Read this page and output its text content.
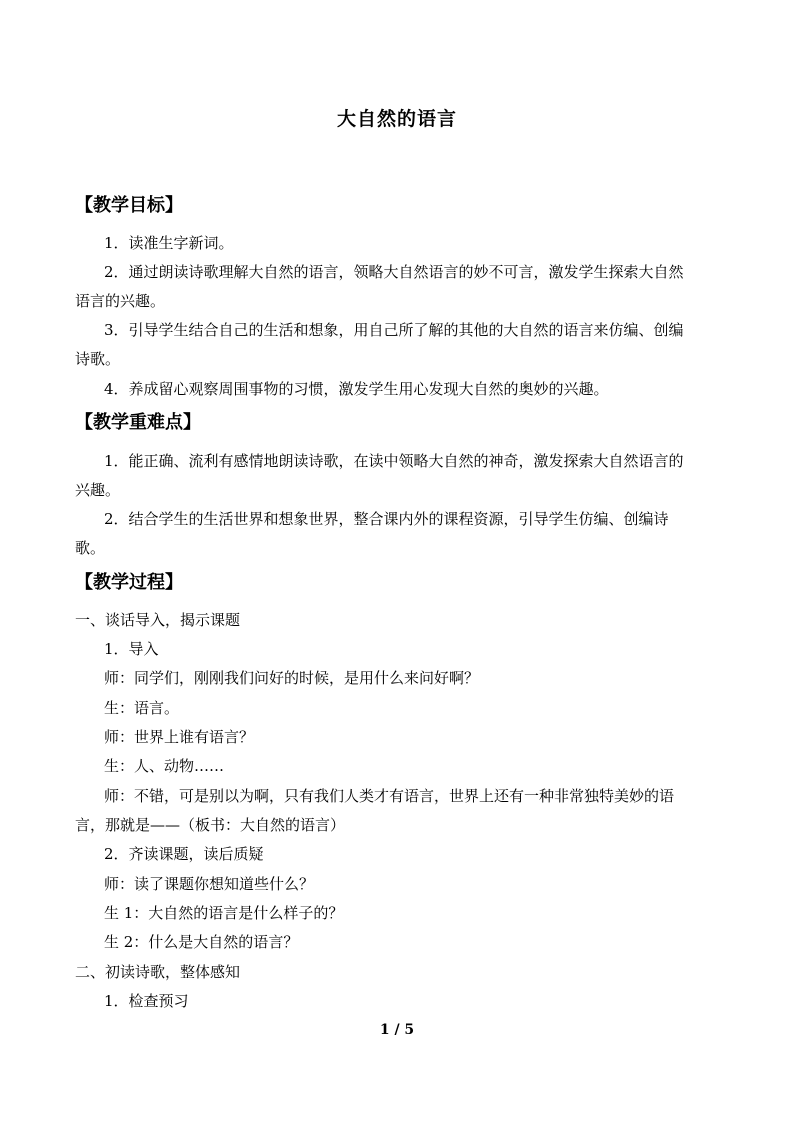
大自然的语言
【教学目标】
1．读准生字新词。
2．通过朗读诗歌理解大自然的语言，领略大自然语言的妙不可言，激发学生探索大自然
语言的兴趣。
3．引导学生结合自己的生活和想象，用自己所了解的其他的大自然的语言来仿编、创编
诗歌。
4．养成留心观察周围事物的习惯，激发学生用心发现大自然的奥妙的兴趣。
【教学重难点】
1．能正确、流利有感情地朗读诗歌，在读中领略大自然的神奇，激发探索大自然语言的
兴趣。
2．结合学生的生活世界和想象世界，整合课内外的课程资源，引导学生仿编、创编诗
歌。
【教学过程】
一、谈话导入，揭示课题
1．导入
师：同学们，刚刚我们问好的时候，是用什么来问好啊？
生：语言。
师：世界上谁有语言？
生：人、动物……
师：不错，可是别以为啊，只有我们人类才有语言，世界上还有一种非常独特美妙的语
言，那就是——（板书：大自然的语言）
2．齐读课题，读后质疑
师：读了课题你想知道些什么？
生 1：大自然的语言是什么样子的？
生 2：什么是大自然的语言？
二、初读诗歌，整体感知
1．检查预习
1 / 5
